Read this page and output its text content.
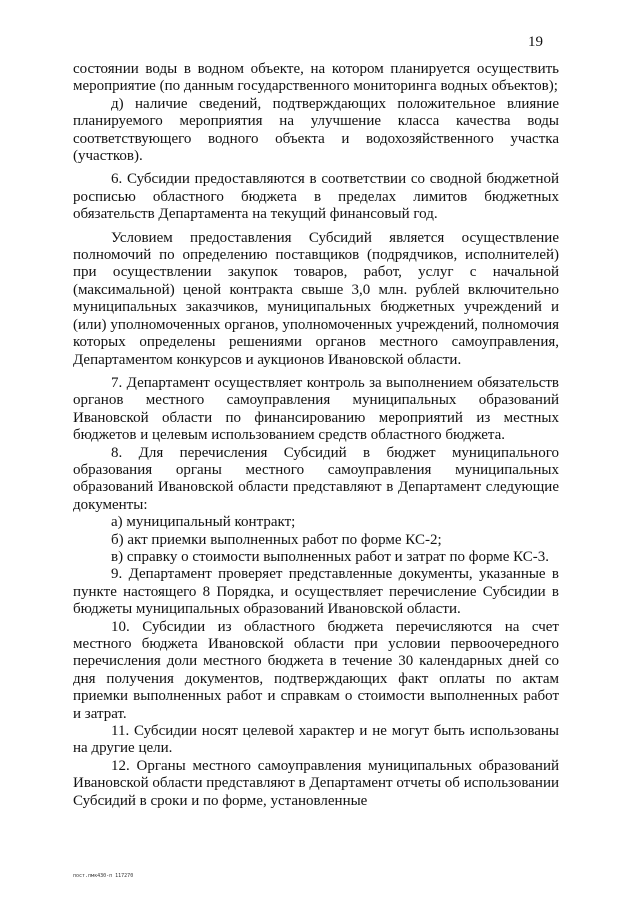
19

состоянии воды в водном объекте, на котором планируется осуществить мероприятие (по данным государственного мониторинга водных объектов);

д) наличие сведений, подтверждающих положительное влияние планируемого мероприятия на улучшение класса качества воды соответствующего водного объекта и водохозяйственного участка (участков).

6. Субсидии предоставляются в соответствии со сводной бюджетной росписью областного бюджета в пределах лимитов бюджетных обязательств Департамента на текущий финансовый год.

Условием предоставления Субсидий является осуществление полномочий по определению поставщиков (подрядчиков, исполнителей) при осуществлении закупок товаров, работ, услуг с начальной (максимальной) ценой контракта свыше 3,0 млн. рублей включительно муниципальных заказчиков, муниципальных бюджетных учреждений и (или) уполномоченных органов, уполномоченных учреждений, полномочия которых определены решениями органов местного самоуправления, Департаментом конкурсов и аукционов Ивановской области.

7. Департамент осуществляет контроль за выполнением обязательств органов местного самоуправления муниципальных образований Ивановской области по финансированию мероприятий из местных бюджетов и целевым использованием средств областного бюджета.

8. Для перечисления Субсидий в бюджет муниципального образования органы местного самоуправления муниципальных образований Ивановской области представляют в Департамент следующие документы:

а) муниципальный контракт;

б) акт приемки выполненных работ по форме КС-2;

в) справку о стоимости выполненных работ и затрат по форме КС-3.

9. Департамент проверяет представленные документы, указанные в пункте настоящего 8 Порядка, и осуществляет перечисление Субсидии в бюджеты муниципальных образований Ивановской области.

10. Субсидии из областного бюджета перечисляются на счет местного бюджета Ивановской области при условии первоочередного перечисления доли местного бюджета в течение 30 календарных дней со дня получения документов, подтверждающих факт оплаты по актам приемки выполненных работ и справкам о стоимости выполненных работ и затрат.

11. Субсидии носят целевой характер и не могут быть использованы на другие цели.

12. Органы местного самоуправления муниципальных образований Ивановской области представляют в Департамент отчеты об использовании Субсидий в сроки и по форме, установленные

пост.пмк430-п 117270
